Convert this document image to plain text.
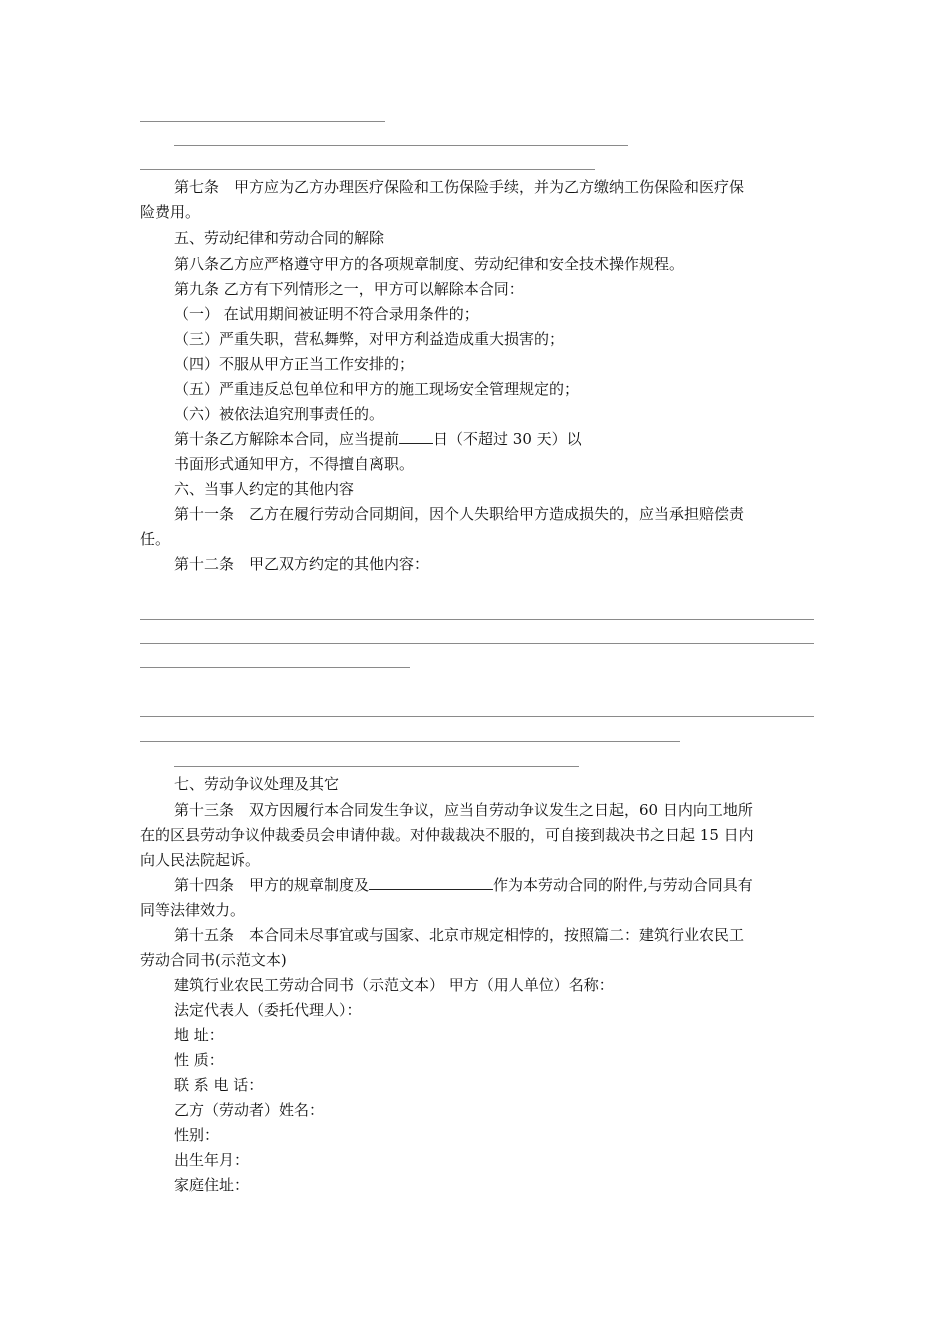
第七条　甲方应为乙方办理医疗保险和工伤保险手续，并为乙方缴纳工伤保险和医疗保
险费用。
五、劳动纪律和劳动合同的解除
第八条乙方应严格遵守甲方的各项规章制度、劳动纪律和安全技术操作规程。
第九条 乙方有下列情形之一，甲方可以解除本合同：
（一） 在试用期间被证明不符合录用条件的；
（三）严重失职，营私舞弊，对甲方利益造成重大损害的；
（四）不服从甲方正当工作安排的；
（五）严重违反总包单位和甲方的施工现场安全管理规定的；
（六）被依法追究刑事责任的。
第十条乙方解除本合同，应当提前 日（不超过 30 天）以
书面形式通知甲方，不得擅自离职。
六、当事人约定的其他内容
第十一条　乙方在履行劳动合同期间，因个人失职给甲方造成损失的，应当承担赔偿责
任。
第十二条　甲乙双方约定的其他内容：
七、劳动争议处理及其它
第十三条　双方因履行本合同发生争议，应当自劳动争议发生之日起，60 日内向工地所
在的区县劳动争议仲裁委员会申请仲裁。对仲裁裁决不服的，可自接到裁决书之日起 15 日内
向人民法院起诉。
第十四条　甲方的规章制度及	作为本劳动合同的附件,与劳动合同具有
同等法律效力。
第十五条　本合同未尽事宜或与国家、北京市规定相悖的，按照篇二：建筑行业农民工
劳动合同书(示范文本)
建筑行业农民工劳动合同书（示范文本） 甲方（用人单位）名称：
法定代表人（委托代理人）：
地 址：
性 质：
联 系 电 话：
乙方（劳动者）姓名：
性别：
出生年月：
家庭住址：
